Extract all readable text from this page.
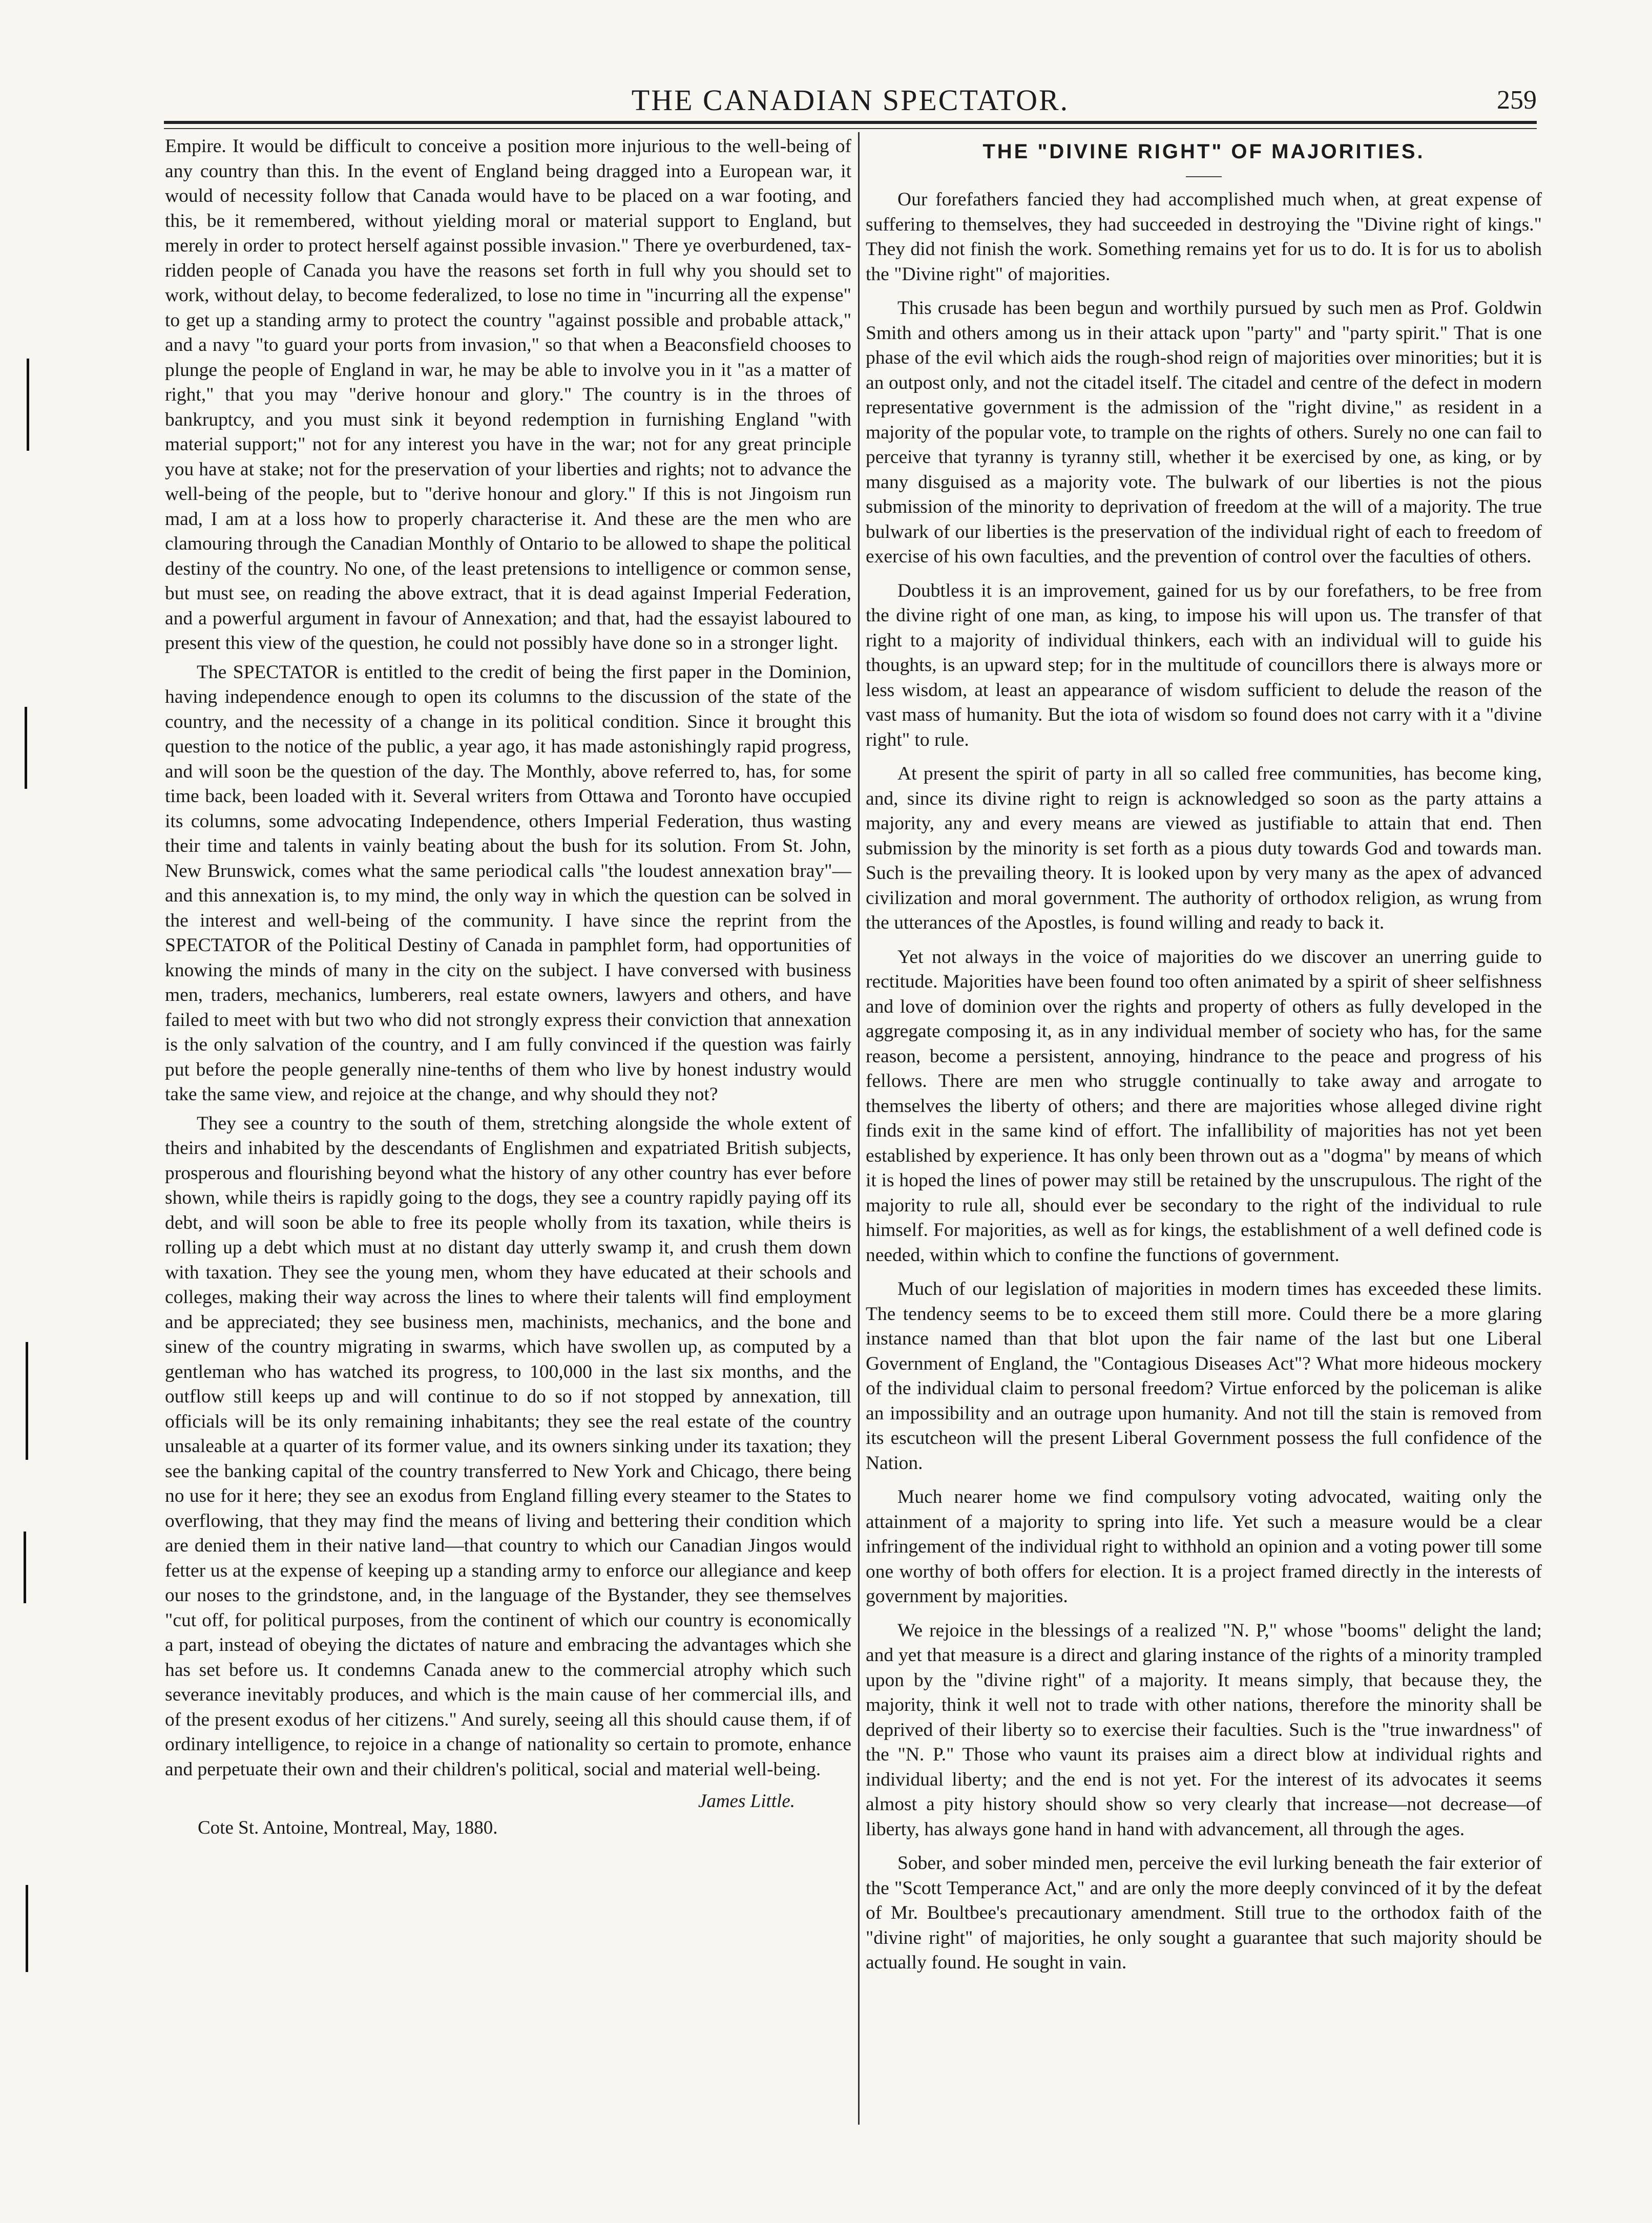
THE CANADIAN SPECTATOR.	259

Empire. It would be difficult to conceive a position more injurious to the well-being of any country than this. In the event of England being dragged into a European war, it would of necessity follow that Canada would have to be placed on a war footing, and this, be it remembered, without yielding moral or material support to England, but merely in order to protect herself against possible invasion." There ye overburdened, tax-ridden people of Canada you have the reasons set forth in full why you should set to work, without delay, to become federalized, to lose no time in "incurring all the expense" to get up a standing army to protect the country "against possible and probable attack," and a navy "to guard your ports from invasion," so that when a Beaconsfield chooses to plunge the people of England in war, he may be able to involve you in it "as a matter of right," that you may "derive honour and glory." The country is in the throes of bankruptcy, and you must sink it beyond redemption in furnishing England "with material support;" not for any interest you have in the war; not for any great principle you have at stake; not for the preservation of your liberties and rights; not to advance the well-being of the people, but to "derive honour and glory." If this is not Jingoism run mad, I am at a loss how to properly characterise it. And these are the men who are clamouring through the Canadian Monthly of Ontario to be allowed to shape the political destiny of the country. No one, of the least pretensions to intelligence or common sense, but must see, on reading the above extract, that it is dead against Imperial Federation, and a powerful argument in favour of Annexation; and that, had the essayist laboured to present this view of the question, he could not possibly have done so in a stronger light.

The SPECTATOR is entitled to the credit of being the first paper in the Dominion, having independence enough to open its columns to the discussion of the state of the country, and the necessity of a change in its political condition. Since it brought this question to the notice of the public, a year ago, it has made astonishingly rapid progress, and will soon be the question of the day. The Monthly, above referred to, has, for some time back, been loaded with it. Several writers from Ottawa and Toronto have occupied its columns, some advocating Independence, others Imperial Federation, thus wasting their time and talents in vainly beating about the bush for its solution. From St. John, New Brunswick, comes what the same periodical calls "the loudest annexation bray"—and this annexation is, to my mind, the only way in which the question can be solved in the interest and well-being of the community. I have since the reprint from the SPECTATOR of the Political Destiny of Canada in pamphlet form, had opportunities of knowing the minds of many in the city on the subject. I have conversed with business men, traders, mechanics, lumberers, real estate owners, lawyers and others, and have failed to meet with but two who did not strongly express their conviction that annexation is the only salvation of the country, and I am fully convinced if the question was fairly put before the people generally nine-tenths of them who live by honest industry would take the same view, and rejoice at the change, and why should they not?

They see a country to the south of them, stretching alongside the whole extent of theirs and inhabited by the descendants of Englishmen and expatriated British subjects, prosperous and flourishing beyond what the history of any other country has ever before shown, while theirs is rapidly going to the dogs, they see a country rapidly paying off its debt, and will soon be able to free its people wholly from its taxation, while theirs is rolling up a debt which must at no distant day utterly swamp it, and crush them down with taxation. They see the young men, whom they have educated at their schools and colleges, making their way across the lines to where their talents will find employment and be appreciated; they see business men, machinists, mechanics, and the bone and sinew of the country migrating in swarms, which have swollen up, as computed by a gentleman who has watched its progress, to 100,000 in the last six months, and the outflow still keeps up and will continue to do so if not stopped by annexation, till officials will be its only remaining inhabitants; they see the real estate of the country unsaleable at a quarter of its former value, and its owners sinking under its taxation; they see the banking capital of the country transferred to New York and Chicago, there being no use for it here; they see an exodus from England filling every steamer to the States to overflowing, that they may find the means of living and bettering their condition which are denied them in their native land—that country to which our Canadian Jingos would fetter us at the expense of keeping up a standing army to enforce our allegiance and keep our noses to the grindstone, and, in the language of the Bystander, they see themselves "cut off, for political purposes, from the continent of which our country is economically a part, instead of obeying the dictates of nature and embracing the advantages which she has set before us. It condemns Canada anew to the commercial atrophy which such severance inevitably produces, and which is the main cause of her commercial ills, and of the present exodus of her citizens." And surely, seeing all this should cause them, if of ordinary intelligence, to rejoice in a change of nationality so certain to promote, enhance and perpetuate their own and their children's political, social and material well-being.

James Little.
Cote St. Antoine, Montreal, May, 1880.
THE "DIVINE RIGHT" OF MAJORITIES.

Our forefathers fancied they had accomplished much when, at great expense of suffering to themselves, they had succeeded in destroying the "Divine right of kings." They did not finish the work. Something remains yet for us to do. It is for us to abolish the "Divine right" of majorities.

This crusade has been begun and worthily pursued by such men as Prof. Goldwin Smith and others among us in their attack upon "party" and "party spirit." That is one phase of the evil which aids the rough-shod reign of majorities over minorities; but it is an outpost only, and not the citadel itself. The citadel and centre of the defect in modern representative government is the admission of the "right divine," as resident in a majority of the popular vote, to trample on the rights of others. Surely no one can fail to perceive that tyranny is tyranny still, whether it be exercised by one, as king, or by many disguised as a majority vote. The bulwark of our liberties is not the pious submission of the minority to deprivation of freedom at the will of a majority. The true bulwark of our liberties is the preservation of the individual right of each to freedom of exercise of his own faculties, and the prevention of control over the faculties of others.

Doubtless it is an improvement, gained for us by our forefathers, to be free from the divine right of one man, as king, to impose his will upon us. The transfer of that right to a majority of individual thinkers, each with an individual will to guide his thoughts, is an upward step; for in the multitude of councillors there is always more or less wisdom, at least an appearance of wisdom sufficient to delude the reason of the vast mass of humanity. But the iota of wisdom so found does not carry with it a "divine right" to rule.

At present the spirit of party in all so called free communities, has become king, and, since its divine right to reign is acknowledged so soon as the party attains a majority, any and every means are viewed as justifiable to attain that end. Then submission by the minority is set forth as a pious duty towards God and towards man. Such is the prevailing theory. It is looked upon by very many as the apex of advanced civilization and moral government. The authority of orthodox religion, as wrung from the utterances of the Apostles, is found willing and ready to back it.

Yet not always in the voice of majorities do we discover an unerring guide to rectitude. Majorities have been found too often animated by a spirit of sheer selfishness and love of dominion over the rights and property of others as fully developed in the aggregate composing it, as in any individual member of society who has, for the same reason, become a persistent, annoying, hindrance to the peace and progress of his fellows. There are men who struggle continually to take away and arrogate to themselves the liberty of others; and there are majorities whose alleged divine right finds exit in the same kind of effort. The infallibility of majorities has not yet been established by experience. It has only been thrown out as a "dogma" by means of which it is hoped the lines of power may still be retained by the unscrupulous. The right of the majority to rule all, should ever be secondary to the right of the individual to rule himself. For majorities, as well as for kings, the establishment of a well defined code is needed, within which to confine the functions of government.

Much of our legislation of majorities in modern times has exceeded these limits. The tendency seems to be to exceed them still more. Could there be a more glaring instance named than that blot upon the fair name of the last but one Liberal Government of England, the "Contagious Diseases Act"? What more hideous mockery of the individual claim to personal freedom? Virtue enforced by the policeman is alike an impossibility and an outrage upon humanity. And not till the stain is removed from its escutcheon will the present Liberal Government possess the full confidence of the Nation.

Much nearer home we find compulsory voting advocated, waiting only the attainment of a majority to spring into life. Yet such a measure would be a clear infringement of the individual right to withhold an opinion and a voting power till some one worthy of both offers for election. It is a project framed directly in the interests of government by majorities.

We rejoice in the blessings of a realized "N. P," whose "booms" delight the land; and yet that measure is a direct and glaring instance of the rights of a minority trampled upon by the "divine right" of a majority. It means simply, that because they, the majority, think it well not to trade with other nations, therefore the minority shall be deprived of their liberty so to exercise their faculties. Such is the "true inwardness" of the "N. P." Those who vaunt its praises aim a direct blow at individual rights and individual liberty; and the end is not yet. For the interest of its advocates it seems almost a pity history should show so very clearly that increase—not decrease—of liberty, has always gone hand in hand with advancement, all through the ages.

Sober, and sober minded men, perceive the evil lurking beneath the fair exterior of the "Scott Temperance Act," and are only the more deeply convinced of it by the defeat of Mr. Boultbee's precautionary amendment. Still true to the orthodox faith of the "divine right" of majorities, he only sought a guarantee that such majority should be actually found. He sought in vain.
